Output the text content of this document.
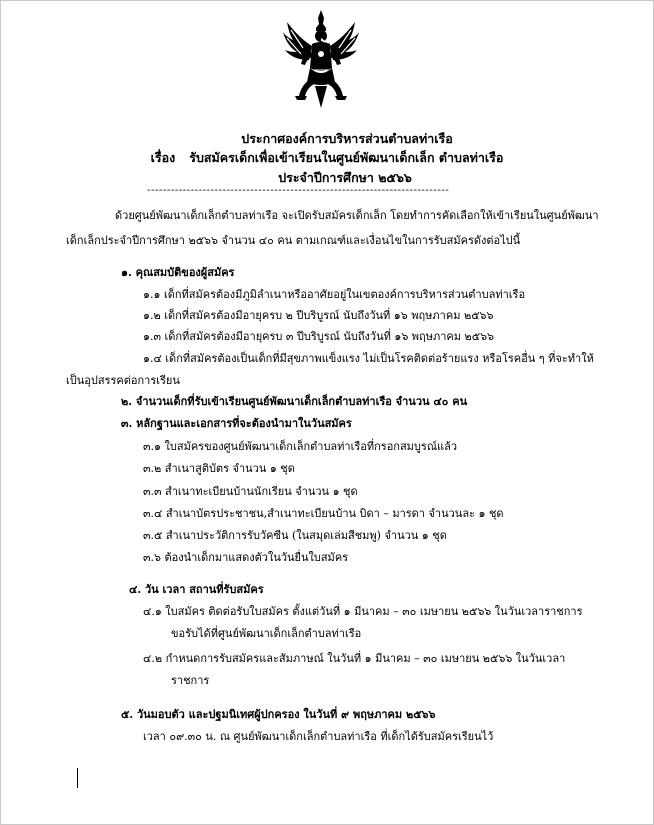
ประกาศองค์การบริหารส่วนตำบลท่าเรือ
เรื่อง รับสมัครเด็กเพื่อเข้าเรียนในศูนย์พัฒนาเด็กเล็ก ตำบลท่าเรือ
ประจำปีการศึกษา ๒๕๖๖
----------------------------------------------------------------------------
ด้วยศูนย์พัฒนาเด็กเล็กตำบลท่าเรือ จะเปิดรับสมัครเด็กเล็ก โดยทำการคัดเลือกให้เข้าเรียนในศูนย์พัฒนา
เด็กเล็กประจำปีการศึกษา ๒๕๖๖ จำนวน ๔๐ คน ตามเกณฑ์และเงื่อนไขในการรับสมัครดังต่อไปนี้
๑. คุณสมบัติของผู้สมัคร
๑.๑ เด็กที่สมัครต้องมีภูมิลำเนาหรืออาศัยอยู่ในเขตองค์การบริหารส่วนตำบลท่าเรือ
๑.๒ เด็กที่สมัครต้องมีอายุครบ ๒ ปีบริบูรณ์ นับถึงวันที่ ๑๖ พฤษภาคม ๒๕๖๖
๑.๓ เด็กที่สมัครต้องมีอายุครบ ๓ ปีบริบูรณ์ นับถึงวันที่ ๑๖ พฤษภาคม ๒๕๖๖
๑.๔ เด็กที่สมัครต้องเป็นเด็กที่มีสุขภาพแข็งแรง ไม่เป็นโรคติดต่อร้ายแรง หรือโรคอื่น ๆ ที่จะทำให้
เป็นอุปสรรคต่อการเรียน
๒. จำนวนเด็กที่รับเข้าเรียนศูนย์พัฒนาเด็กเล็กตำบลท่าเรือ จำนวน ๔๐ คน
๓. หลักฐานและเอกสารที่จะต้องนำมาในวันสมัคร
๓.๑ ใบสมัครของศูนย์พัฒนาเด็กเล็กตำบลท่าเรือที่กรอกสมบูรณ์แล้ว
๓.๒ สำเนาสูติบัตร จำนวน ๑ ชุด
๓.๓ สำเนาทะเบียนบ้านนักเรียน จำนวน ๑ ชุด
๓.๔ สำเนาบัตรประชาชน,สำเนาทะเบียนบ้าน บิดา – มารดา จำนวนละ ๑ ชุด
๓.๕ สำเนาประวัติการรับวัคซีน (ในสมุดเล่มสีชมพู) จำนวน ๑ ชุด
๓.๖ ต้องนำเด็กมาแสดงตัวในวันยื่นใบสมัคร
๔. วัน เวลา สถานที่รับสมัคร
๔.๑ ใบสมัคร ติดต่อรับใบสมัคร ตั้งแต่วันที่ ๑ มีนาคม – ๓๐ เมษายน ๒๕๖๖ ในวันเวลาราชการ
ขอรับได้ที่ศูนย์พัฒนาเด็กเล็กตำบลท่าเรือ
๔.๒ กำหนดการรับสมัครและสัมภาษณ์ ในวันที่ ๑ มีนาคม – ๓๐ เมษายน ๒๕๖๖ ในวันเวลา
ราชการ
๕. วันมอบตัว และปฐมนิเทศผู้ปกครอง ในวันที่ ๙ พฤษภาคม ๒๕๖๖
เวลา ๐๙.๓๐ น. ณ ศูนย์พัฒนาเด็กเล็กตำบลท่าเรือ ที่เด็กได้รับสมัครเรียนไว้
